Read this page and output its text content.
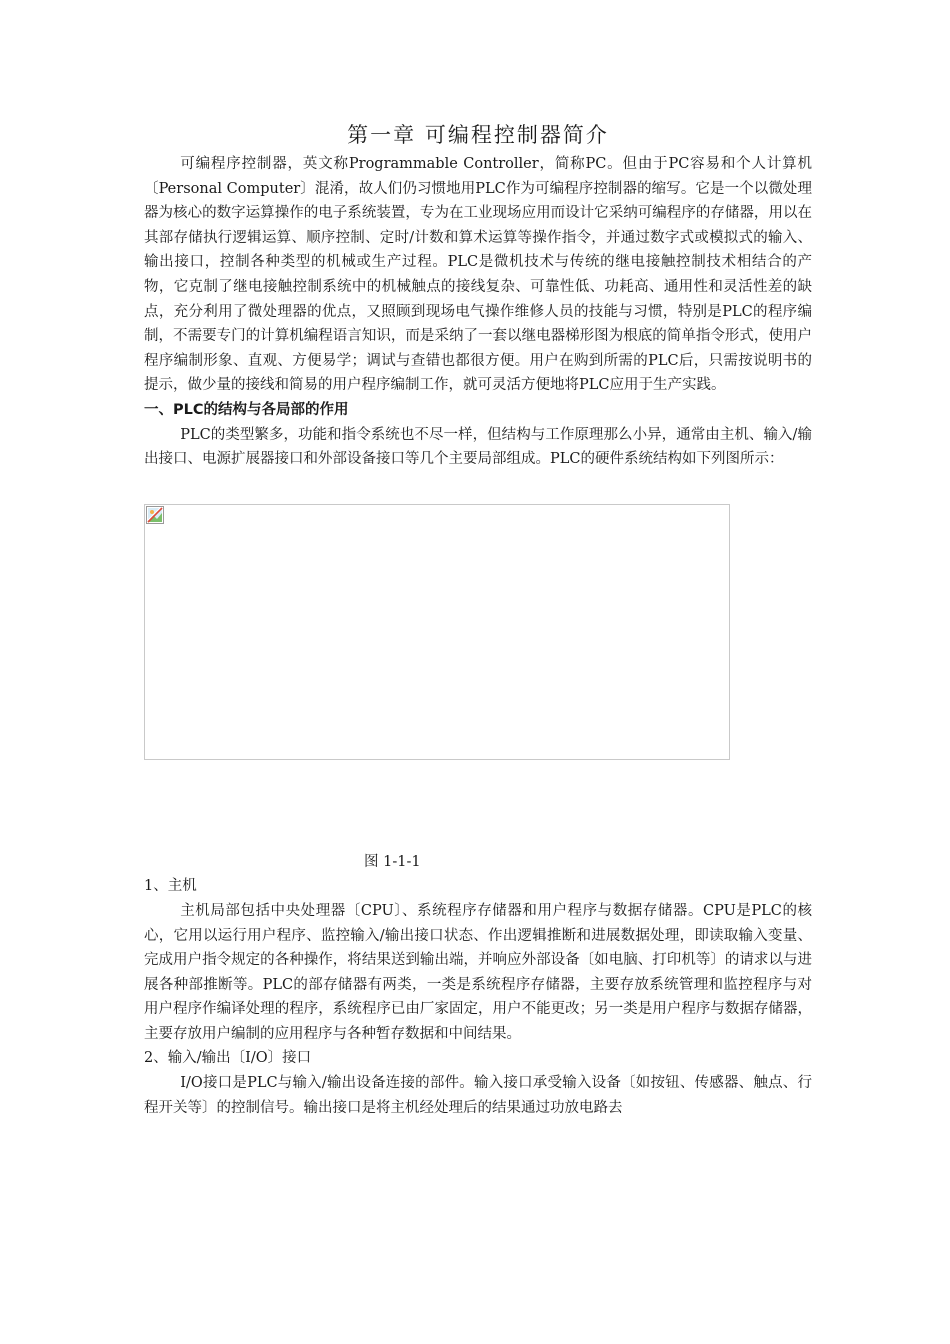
第一章 可编程控制器简介

可编程序控制器，英文称Programmable Controller，简称PC。但由于PC容易和个人计算机〔Personal Computer〕混淆，故人们仍习惯地用PLC作为可编程序控制器的缩写。它是一个以微处理器为核心的数字运算操作的电子系统装置，专为在工业现场应用而设计它采纳可编程序的存储器，用以在其部存储执行逻辑运算、顺序控制、定时/计数和算术运算等操作指令，并通过数字式或模拟式的输入、输出接口，控制各种类型的机械或生产过程。PLC是微机技术与传统的继电接触控制技术相结合的产物，它克制了继电接触控制系统中的机械触点的接线复杂、可靠性低、功耗高、通用性和灵活性差的缺点，充分利用了微处理器的优点，又照顾到现场电气操作维修人员的技能与习惯，特别是PLC的程序编制，不需要专门的计算机编程语言知识，而是采纳了一套以继电器梯形图为根底的简单指令形式，使用户程序编制形象、直观、方便易学；调试与查错也都很方便。用户在购到所需的PLC后，只需按说明书的提示，做少量的接线和简易的用户程序编制工作，就可灵活方便地将PLC应用于生产实践。

一、PLC的结构与各局部的作用

PLC的类型繁多，功能和指令系统也不尽一样，但结构与工作原理那么小异，通常由主机、输入/输出接口、电源扩展器接口和外部设备接口等几个主要局部组成。PLC的硬件系统结构如下列图所示：

图 1-1-1

1、主机

主机局部包括中央处理器〔CPU〕、系统程序存储器和用户程序与数据存储器。CPU是PLC的核心，它用以运行用户程序、监控输入/输出接口状态、作出逻辑推断和进展数据处理，即读取输入变量、完成用户指令规定的各种操作，将结果送到输出端，并响应外部设备〔如电脑、打印机等〕的请求以与进展各种部推断等。PLC的部存储器有两类，一类是系统程序存储器，主要存放系统管理和监控程序与对用户程序作编译处理的程序，系统程序已由厂家固定，用户不能更改；另一类是用户程序与数据存储器，主要存放用户编制的应用程序与各种暂存数据和中间结果。

2、输入/输出〔I/O〕接口

I/O接口是PLC与输入/输出设备连接的部件。输入接口承受输入设备〔如按钮、传感器、触点、行程开关等〕的控制信号。输出接口是将主机经处理后的结果通过功放电路去
